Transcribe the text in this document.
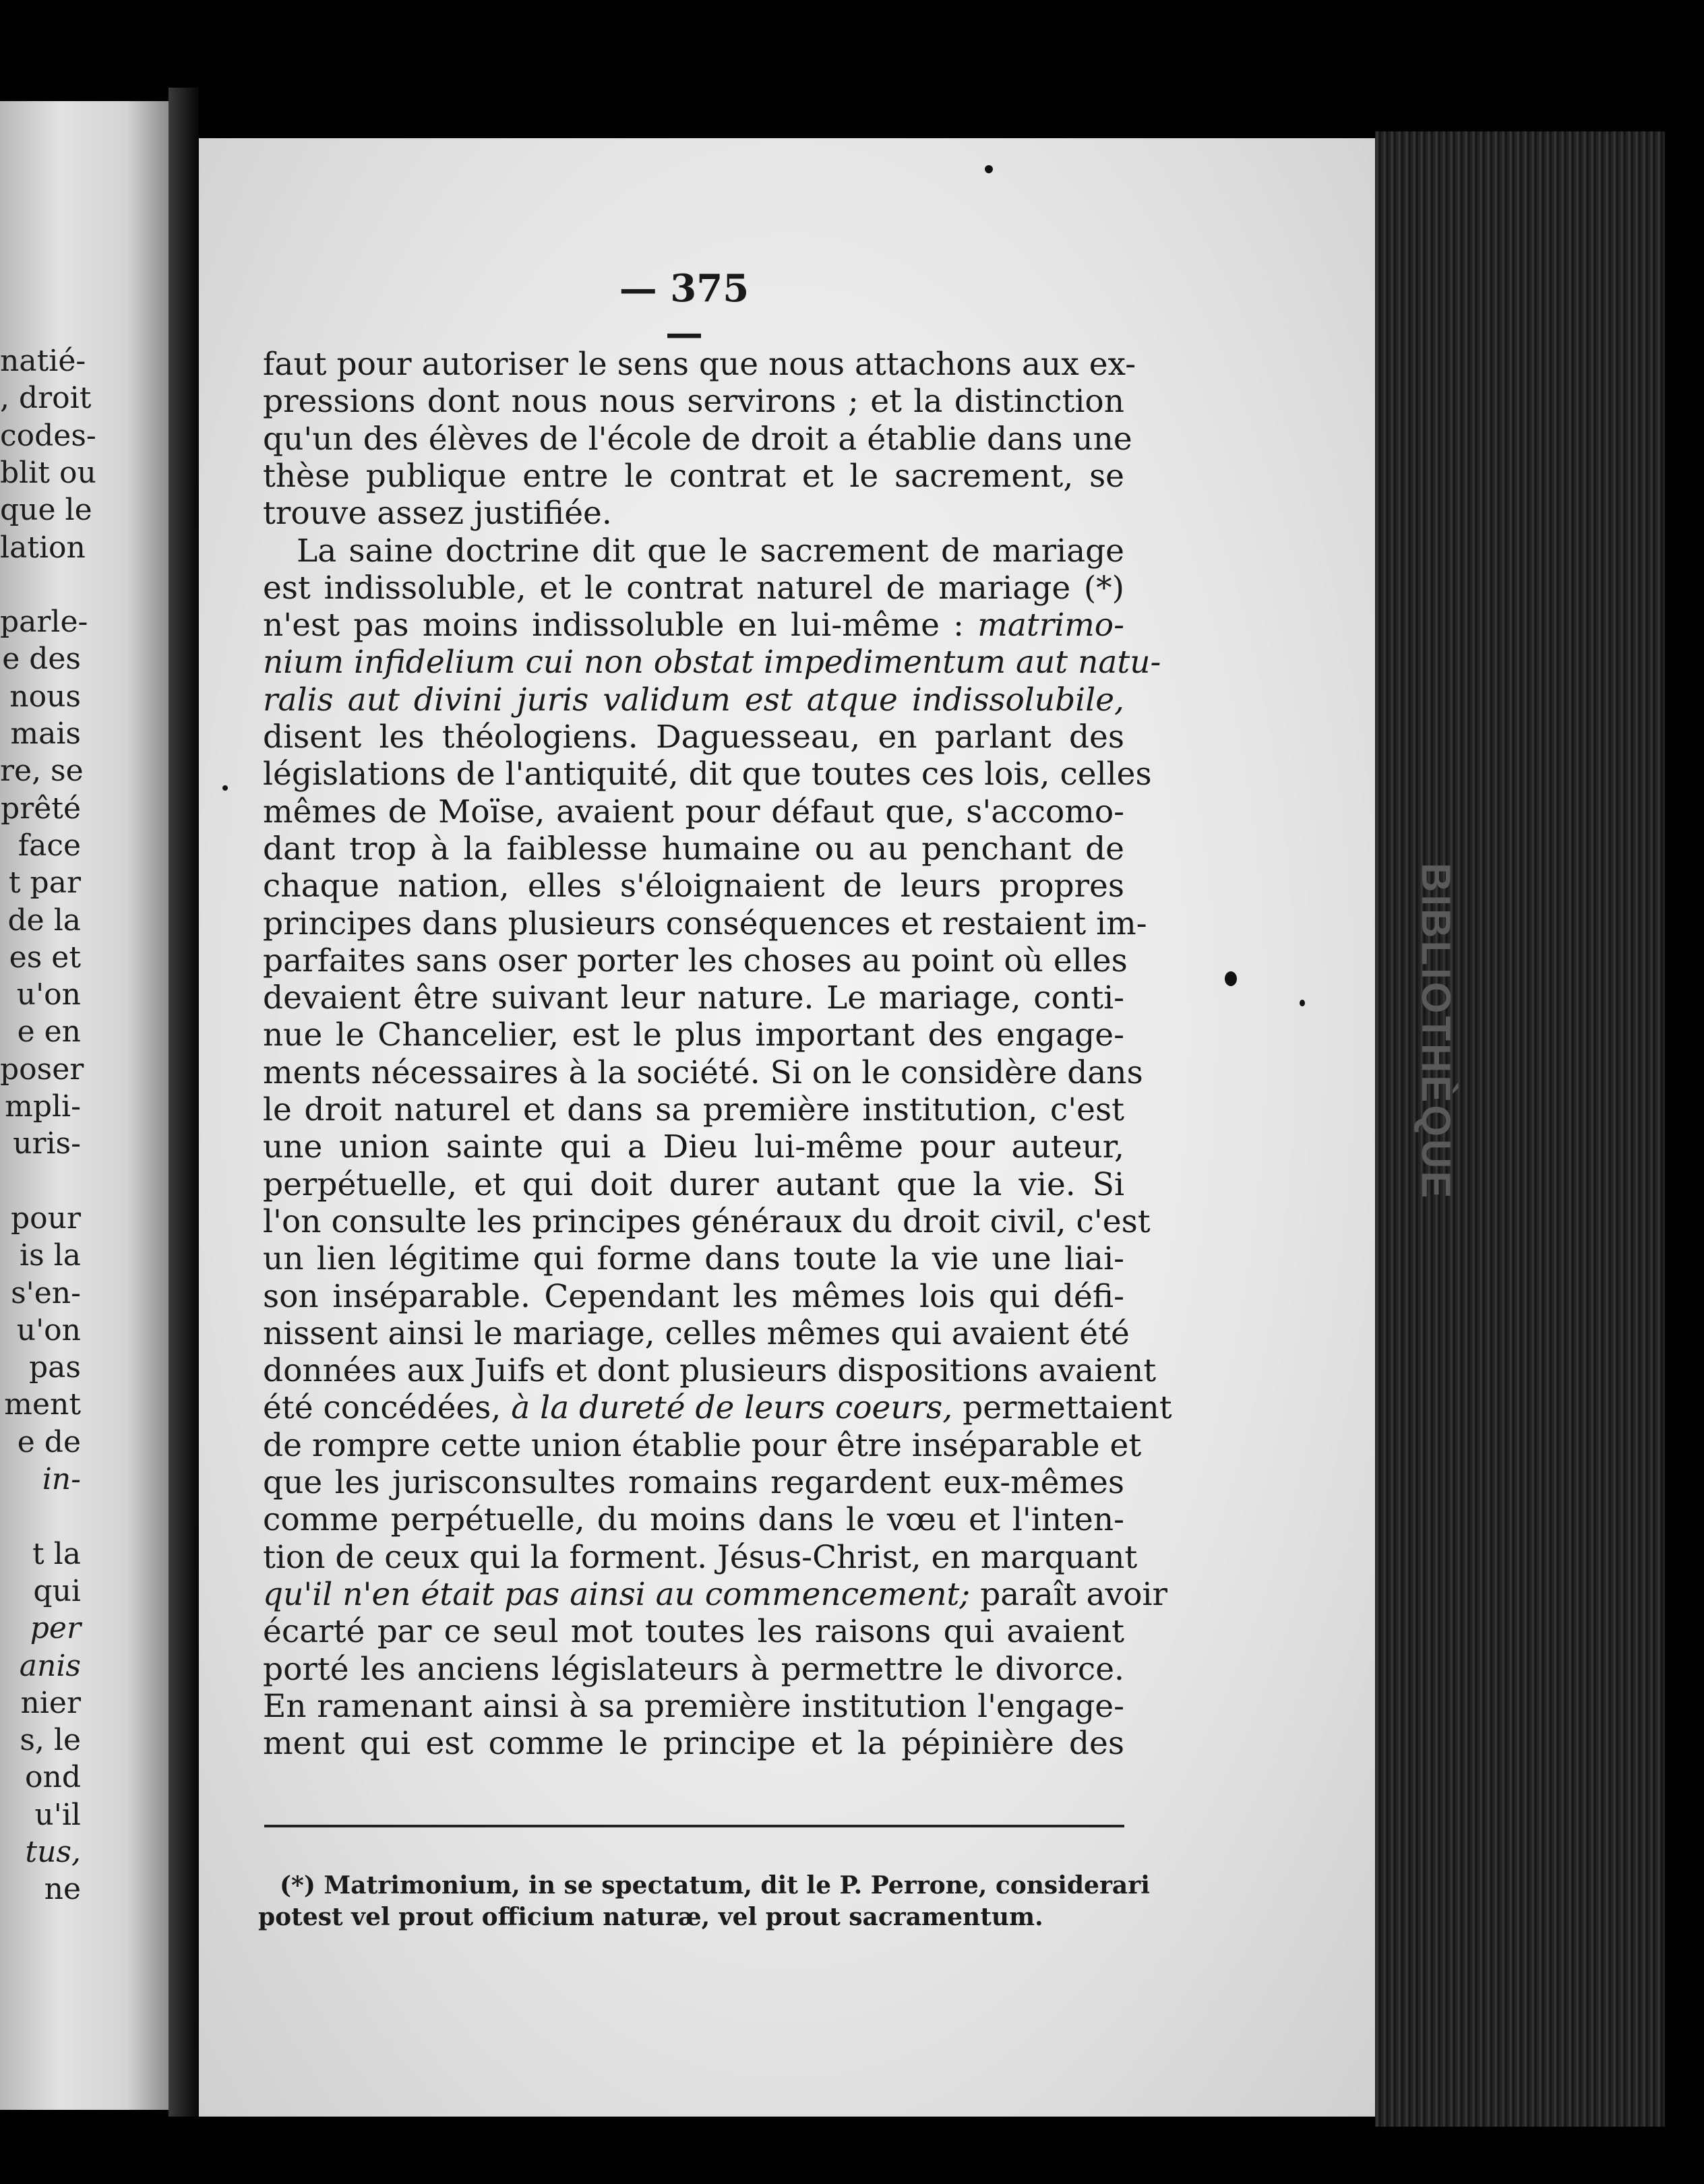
BIBLIOTHÈQUE
— 375 —
faut pour autoriser le sens que nous attachons aux ex-
pressions dont nous nous servirons ; et la distinction
qu'un des élèves de l'école de droit a établie dans une
thèse publique entre le contrat et le sacrement, se
trouve assez justifiée.
La saine doctrine dit que le sacrement de mariage
est indissoluble, et le contrat naturel de mariage (*)
n'est pas moins indissoluble en lui-même : matrimo-
nium infidelium cui non obstat impedimentum aut natu-
ralis aut divini juris validum est atque indissolubile,
disent les théologiens. Daguesseau, en parlant des
législations de l'antiquité, dit que toutes ces lois, celles
mêmes de Moïse, avaient pour défaut que, s'accomo-
dant trop à la faiblesse humaine ou au penchant de
chaque nation, elles s'éloignaient de leurs propres
principes dans plusieurs conséquences et restaient im-
parfaites sans oser porter les choses au point où elles
devaient être suivant leur nature. Le mariage, conti-
nue le Chancelier, est le plus important des engage-
ments nécessaires à la société. Si on le considère dans
le droit naturel et dans sa première institution, c'est
une union sainte qui a Dieu lui-même pour auteur,
perpétuelle, et qui doit durer autant que la vie. Si
l'on consulte les principes généraux du droit civil, c'est
un lien légitime qui forme dans toute la vie une liai-
son inséparable. Cependant les mêmes lois qui défi-
nissent ainsi le mariage, celles mêmes qui avaient été
données aux Juifs et dont plusieurs dispositions avaient
été concédées, à la dureté de leurs coeurs, permettaient
de rompre cette union établie pour être inséparable et
que les jurisconsultes romains regardent eux-mêmes
comme perpétuelle, du moins dans le vœu et l'inten-
tion de ceux qui la forment. Jésus-Christ, en marquant
qu'il n'en était pas ainsi au commencement; paraît avoir
écarté par ce seul mot toutes les raisons qui avaient
porté les anciens législateurs à permettre le divorce.
En ramenant ainsi à sa première institution l'engage-
ment qui est comme le principe et la pépinière des
(*) Matrimonium, in se spectatum, dit le P. Perrone, considerari
potest vel prout officium naturæ, vel prout sacramentum.
natié-
, droit
codes-
blit ou
que le
lation
parle-
e des
nous
mais
re, se
prêté
face
t par
de la
es et
u'on
e en
poser
mpli-
uris-
pour
is la
s'en-
u'on
pas
ment
e de
in-
t la
qui
per
anis
nier
s, le
ond
u'il
tus,
ne
